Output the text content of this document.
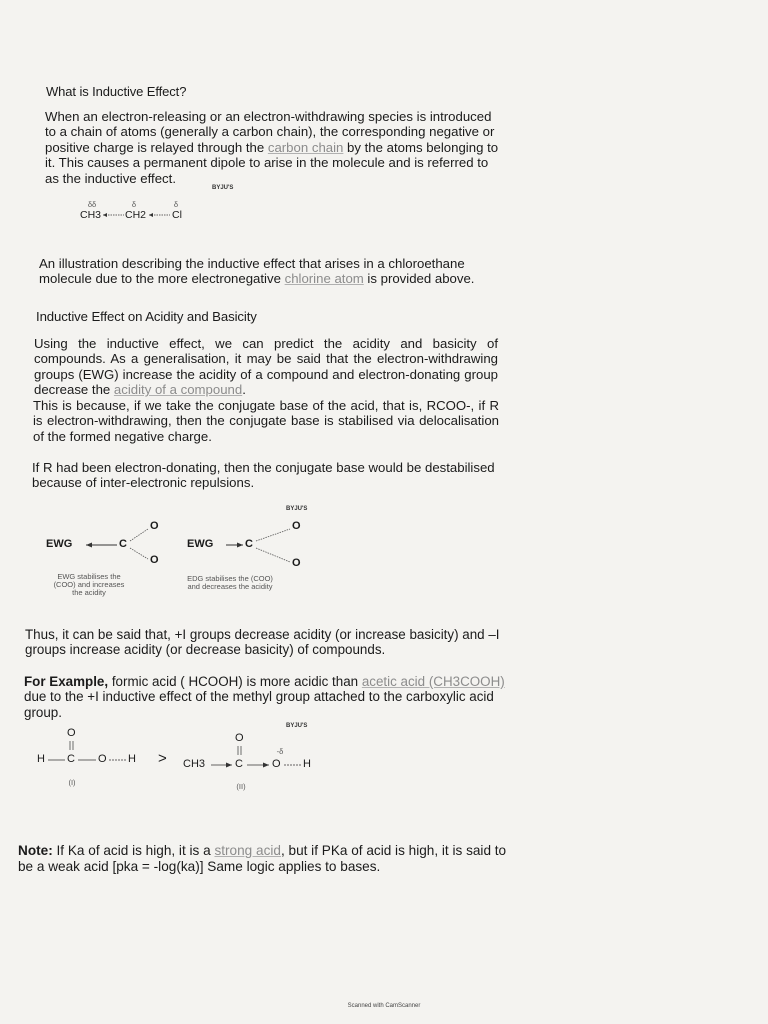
What is Inductive Effect?

When an electron-releasing or an electron-withdrawing species is introduced to a chain of atoms (generally a carbon chain), the corresponding negative or positive charge is relayed through the carbon chain by the atoms belonging to it. This causes a permanent dipole to arise in the molecule and is referred to as the inductive effect.

BYJU'S
δδ	δ	δ
CH3 CH2 Cl

An illustration describing the inductive effect that arises in a chloroethane molecule due to the more electronegative chlorine atom is provided above.

Inductive Effect on Acidity and Basicity

Using the inductive effect, we can predict the acidity and basicity of compounds. As a generalisation, it may be said that the electron-withdrawing groups (EWG) increase the acidity of a compound and electron-donating group decrease the acidity of a compound.

This is because, if we take the conjugate base of the acid, that is, RCOO-, if R is electron-withdrawing, then the conjugate base is stabilised via delocalisation of the formed negative charge.

If R had been electron-donating, then the conjugate base would be destabilised because of inter-electronic repulsions.

BYJU'S
EWG	C
O
O
EWG	C
O
O
EWG stabilises the (COO) and increases the acidity
EDG stabilises the (COO) and decreases the acidity

Thus, it can be said that, +I groups decrease acidity (or increase basicity) and –I groups increase acidity (or decrease basicity) of compounds.

For Example, formic acid ( HCOOH) is more acidic than acetic acid (CH3COOH) due to the +I inductive effect of the methyl group attached to the carboxylic acid group.

BYJU'S
O
H C O H
(I)
>
O
CH3	C
-δ
O H
(II)

Note: If Ka of acid is high, it is a strong acid, but if PKa of acid is high, it is said to be a weak acid [pka = -log(ka)] Same logic applies to bases.

Scanned with CamScanner
